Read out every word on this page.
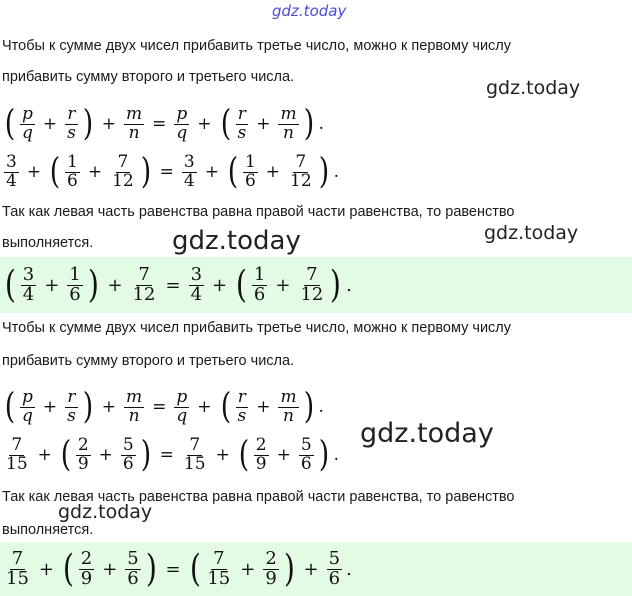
gdz.today
gdz.today
gdz.today	gdz.today
gdz.today
gdz.today
Чтобы к сумме двух чисел прибавить третье число, можно к первому числу
прибавить сумму второго и третьего числа.
( $\frac{p}{q} + \frac{r}{s}$ ) + $\frac{m}{n} = \frac{p}{q}$ + ( $\frac{r}{s} + \frac{m}{n}$ ) .
$\frac{3}{4}$ + ( $\frac{1}{6} + \frac{7}{12}$ ) = $\frac{3}{4}$ + ( $\frac{1}{6} + \frac{7}{12}$ ) .
Так как левая часть равенства равна правой части равенства, то равенство
выполняется.
( $\frac{3}{4} + \frac{1}{6}$ ) + $\frac{7}{12} = \frac{3}{4}$ + ( $\frac{1}{6} + \frac{7}{12}$ ) .
Чтобы к сумме двух чисел прибавить третье число, можно к первому числу
прибавить сумму второго и третьего числа.
( $\frac{p}{q} + \frac{r}{s}$ ) + $\frac{m}{n} = \frac{p}{q}$ + ( $\frac{r}{s} + \frac{m}{n}$ ) .
$\frac{7}{15}$ + ( $\frac{2}{9} + \frac{5}{6}$ ) = $\frac{7}{15}$ + ( $\frac{2}{9} + \frac{5}{6}$ ) .
Так как левая часть равенства равна правой части равенства, то равенство
выполняется.
$\frac{7}{15}$ + ( $\frac{2}{9} + \frac{5}{6}$ ) = ( $\frac{7}{15} + \frac{2}{9}$ ) + $\frac{5}{6}$ .
